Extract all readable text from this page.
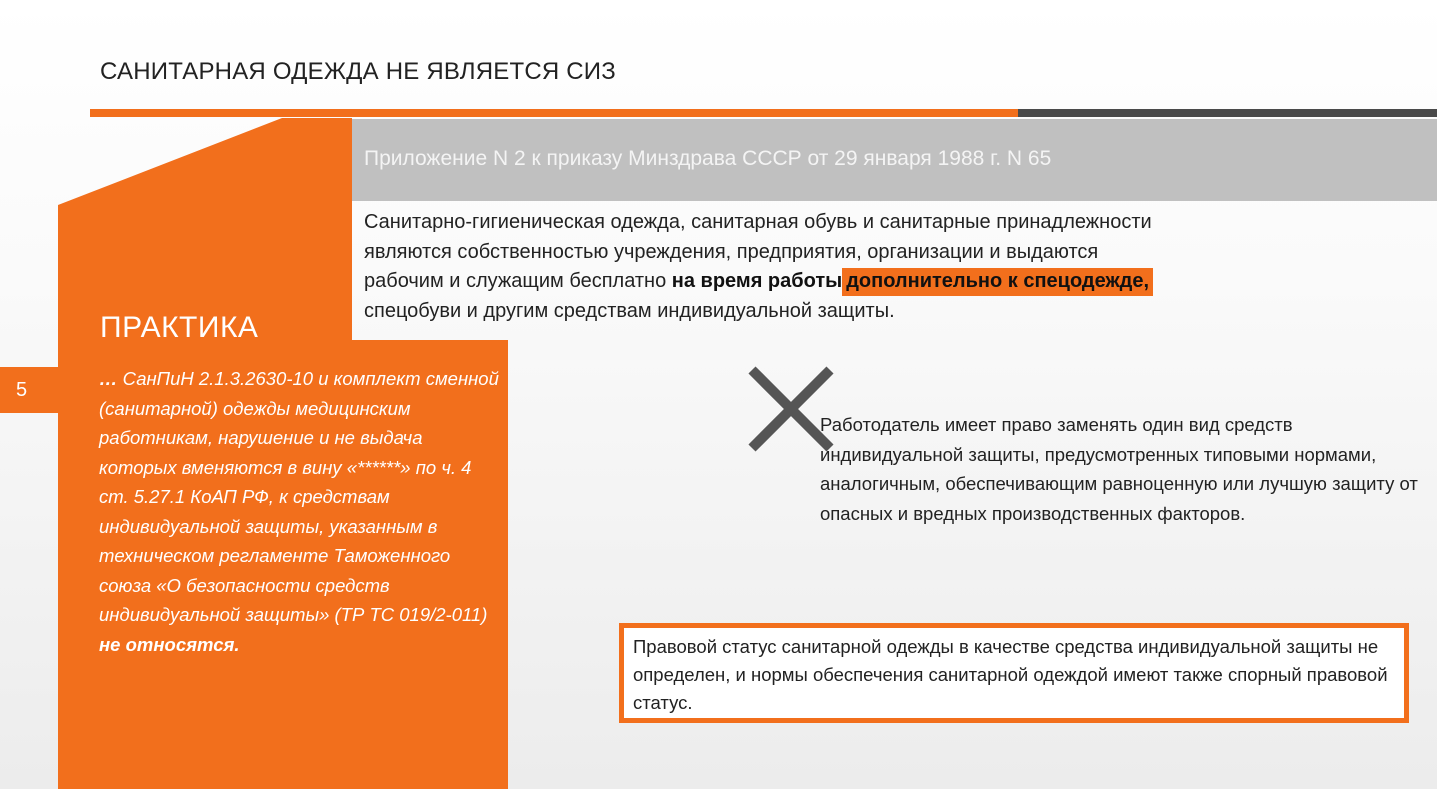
САНИТАРНАЯ ОДЕЖДА НЕ ЯВЛЯЕТСЯ СИЗ
Приложение N 2 к приказу Минздрава СССР от 29 января 1988 г. N 65
Санитарно-гигиеническая одежда, санитарная обувь и санитарные принадлежности
являются собственностью учреждения, предприятия, организации и выдаются
рабочим и служащим бесплатно на время работы дополнительно к спецодежде,
спецобуви и другим средствам индивидуальной защиты.
5
ПРАКТИКА
… СанПиН 2.1.3.2630-10 и комплект сменной (санитарной) одежды медицинским работникам, нарушение и не выдача которых вменяются в вину «******» по ч. 4 ст. 5.27.1 КоАП РФ, к средствам индивидуальной защиты, указанным в техническом регламенте Таможенного союза «О безопасности средств индивидуальной защиты» (ТР ТС 019/2-011) не относятся.
Работодатель имеет право заменять один вид средств индивидуальной защиты, предусмотренных типовыми нормами, аналогичным, обеспечивающим равноценную или лучшую защиту от опасных и вредных производственных факторов.
Правовой статус санитарной одежды в качестве средства индивидуальной защиты не определен, и нормы обеспечения санитарной одеждой имеют также спорный правовой статус.
